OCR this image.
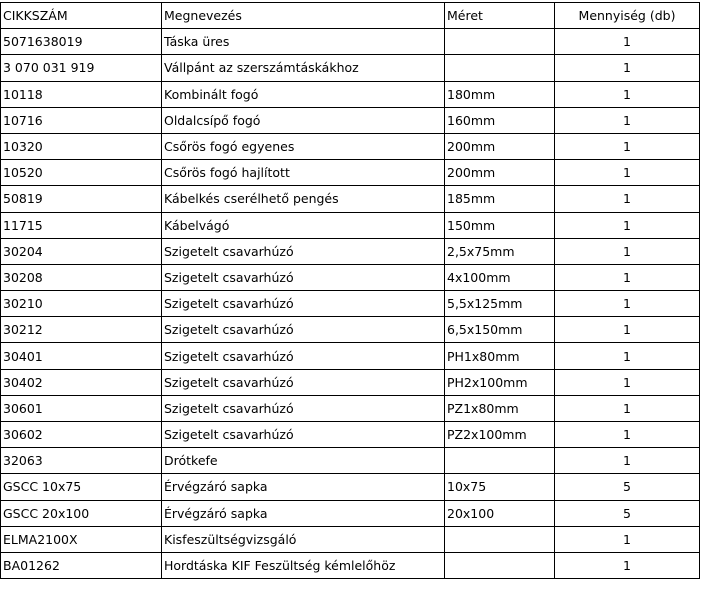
CIKKSZÁM	Megnevezés	Méret	Mennyiség (db)
5071638019	Táska üres		1
3 070 031 919	Vállpánt az szerszámtáskákhoz		1
10118	Kombinált fogó	180mm	1
10716	Oldalcsípő fogó	160mm	1
10320	Csőrös fogó egyenes	200mm	1
10520	Csőrös fogó hajlított	200mm	1
50819	Kábelkés cserélhető pengés	185mm	1
11715	Kábelvágó	150mm	1
30204	Szigetelt csavarhúzó	2,5x75mm	1
30208	Szigetelt csavarhúzó	4x100mm	1
30210	Szigetelt csavarhúzó	5,5x125mm	1
30212	Szigetelt csavarhúzó	6,5x150mm	1
30401	Szigetelt csavarhúzó	PH1x80mm	1
30402	Szigetelt csavarhúzó	PH2x100mm	1
30601	Szigetelt csavarhúzó	PZ1x80mm	1
30602	Szigetelt csavarhúzó	PZ2x100mm	1
32063	Drótkefe		1
GSCC 10x75	Érvégzáró sapka	10x75	5
GSCC 20x100	Érvégzáró sapka	20x100	5
ELMA2100X	Kisfeszültségvizsgáló		1
BA01262	Hordtáska KIF Feszültség kémlelőhöz		1
